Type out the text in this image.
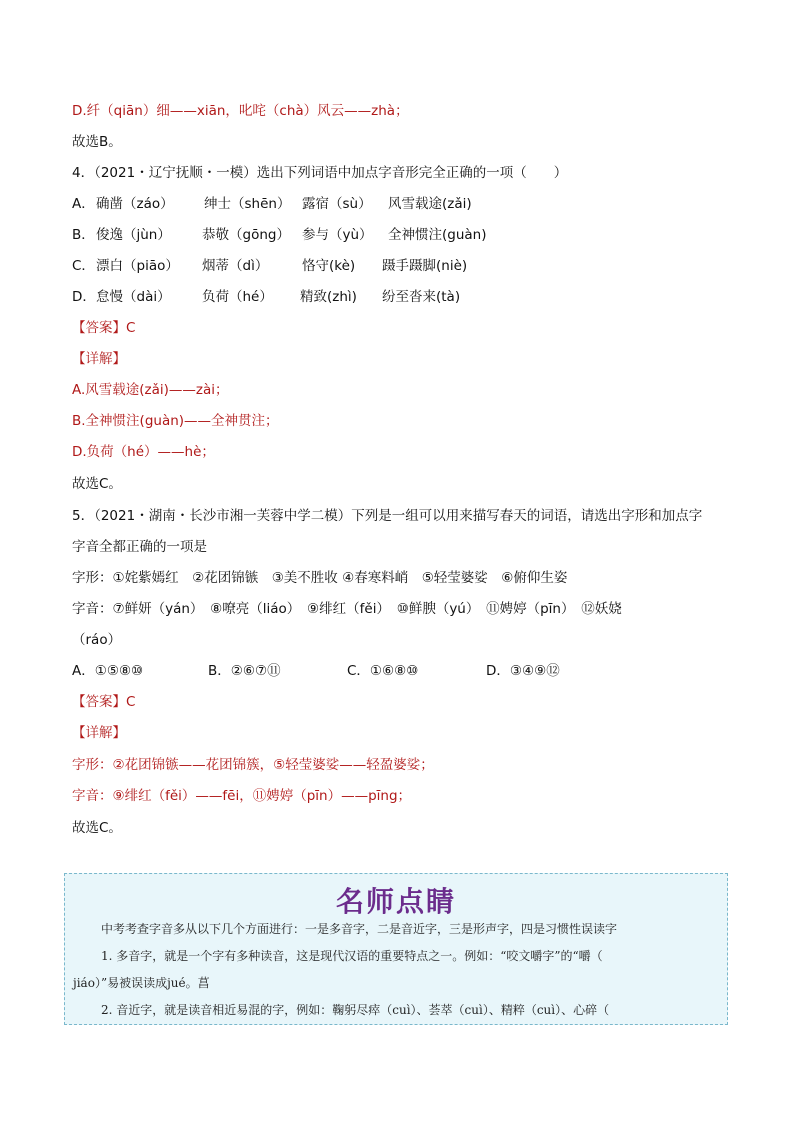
D.纤（qiān）细——xiān，叱咤（chà）风云——zhà；
故选B。
4．（2021・辽宁抚顺・一模）选出下列词语中加点字音形完全正确的一项（　　）
A． 确凿（záo） 绅士（shēn） 露宿（sù） 风雪载途(zǎi)
B． 俊逸（jùn） 恭敬（gōng） 参与（yù） 全神惯注(guàn)
C． 漂白（piāo） 烟蒂（dì） 恪守(kè) 蹑手蹑脚(niè)
D． 怠慢（dài） 负荷（hé） 精致(zhì) 纷至沓来(tà)
【答案】C
【详解】
A.风雪载途(zǎi)——zài；
B.全神惯注(guàn)——全神贯注；
D.负荷（hé）——hè；
故选C。
5．（2021・湖南・长沙市湘一芙蓉中学二模）下列是一组可以用来描写春天的词语，请选出字形和加点字
字音全都正确的一项是
字形：①姹紫嫣红　②花团锦镞　③美不胜收 ④春寒料峭　⑤轻莹婆娑　⑥俯仰生姿
字音：⑦鲜妍（yán）　⑧嘹亮（liáo）　⑨绯红（fěi）　⑩鲜腴（yú）　⑪娉婷（pīn）　⑫妖娆
（ráo）
A．①⑤⑧⑩	B．②⑥⑦⑪	C．①⑥⑧⑩	D．③④⑨⑫
【答案】C
【详解】
字形：②花团锦镞——花团锦簇，⑤轻莹婆娑——轻盈婆娑；
字音：⑨绯红（fěi）——fēi，⑪娉婷（pīn）——pīng；
故选C。
名师点睛
中考考查字音多从以下几个方面进行：一是多音字，二是音近字，三是形声字，四是习惯性误读字
1. 多音字，就是一个字有多种读音，这是现代汉语的重要特点之一。例如：“咬文嚼字”的“嚼（
jiáo）”易被误读成jué。菖
2. 音近字，就是读音相近易混的字，例如：鞠躬尽瘁（cuì）、荟萃（cuì）、精粹（cuì）、心碎（
